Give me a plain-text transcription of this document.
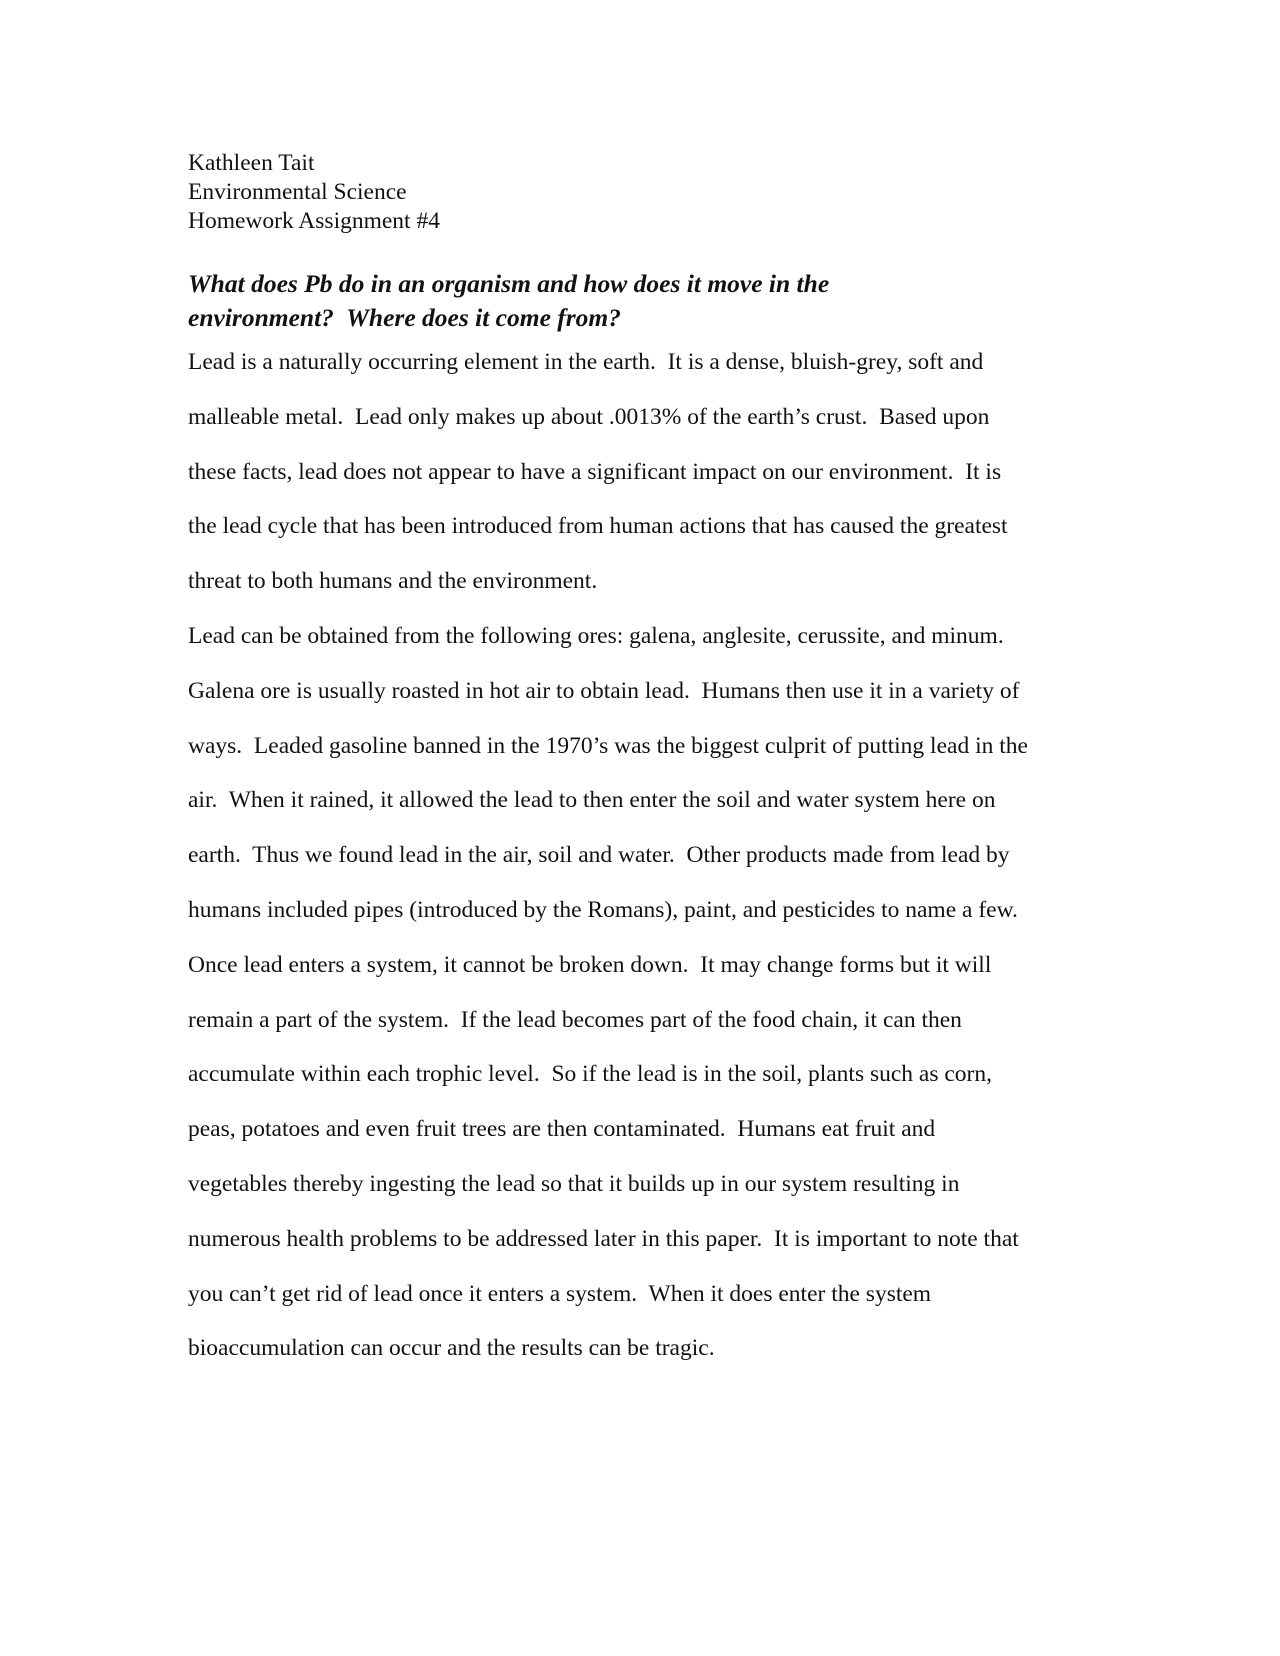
Kathleen Tait
Environmental Science
Homework Assignment #4
What does Pb do in an organism and how does it move in the
environment?  Where does it come from?
Lead is a naturally occurring element in the earth.  It is a dense, bluish-grey, soft and
malleable metal.  Lead only makes up about .0013% of the earth’s crust.  Based upon
these facts, lead does not appear to have a significant impact on our environment.  It is
the lead cycle that has been introduced from human actions that has caused the greatest
threat to both humans and the environment.
Lead can be obtained from the following ores: galena, anglesite, cerussite, and minum.
Galena ore is usually roasted in hot air to obtain lead.  Humans then use it in a variety of
ways.  Leaded gasoline banned in the 1970’s was the biggest culprit of putting lead in the
air.  When it rained, it allowed the lead to then enter the soil and water system here on
earth.  Thus we found lead in the air, soil and water.  Other products made from lead by
humans included pipes (introduced by the Romans), paint, and pesticides to name a few.
Once lead enters a system, it cannot be broken down.  It may change forms but it will
remain a part of the system.  If the lead becomes part of the food chain, it can then
accumulate within each trophic level.  So if the lead is in the soil, plants such as corn,
peas, potatoes and even fruit trees are then contaminated.  Humans eat fruit and
vegetables thereby ingesting the lead so that it builds up in our system resulting in
numerous health problems to be addressed later in this paper.  It is important to note that
you can’t get rid of lead once it enters a system.  When it does enter the system
bioaccumulation can occur and the results can be tragic.
